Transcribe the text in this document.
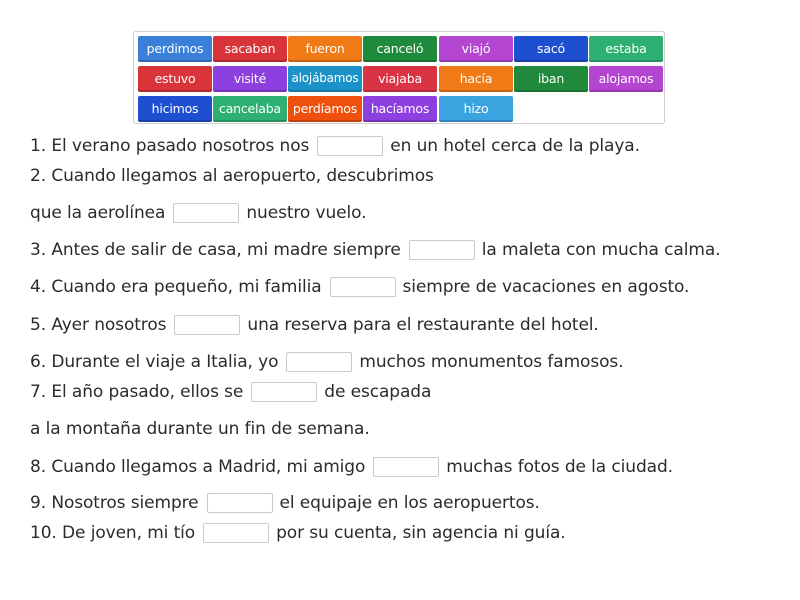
perdimos	sacaban	fueron	canceló	viajó	sacó	estaba
estuvo	visité	alojábamos	viajaba	hacía	iban	alojamos
hicimos	cancelaba perdíamos	hacíamos	hizo
1. El verano pasado nosotros nos	en un hotel cerca de la playa.
2. Cuando llegamos al aeropuerto, descubrimos
que la aerolínea	nuestro vuelo.
3. Antes de salir de casa, mi madre siempre	la maleta con mucha calma.
4. Cuando era pequeño, mi familia	siempre de vacaciones en agosto.
5. Ayer nosotros	una reserva para el restaurante del hotel.
6. Durante el viaje a Italia, yo	muchos monumentos famosos.
7. El año pasado, ellos se	de escapada
a la montaña durante un fin de semana.
8. Cuando llegamos a Madrid, mi amigo	muchas fotos de la ciudad.
9. Nosotros siempre	el equipaje en los aeropuertos.
10. De joven, mi tío	por su cuenta, sin agencia ni guía.
